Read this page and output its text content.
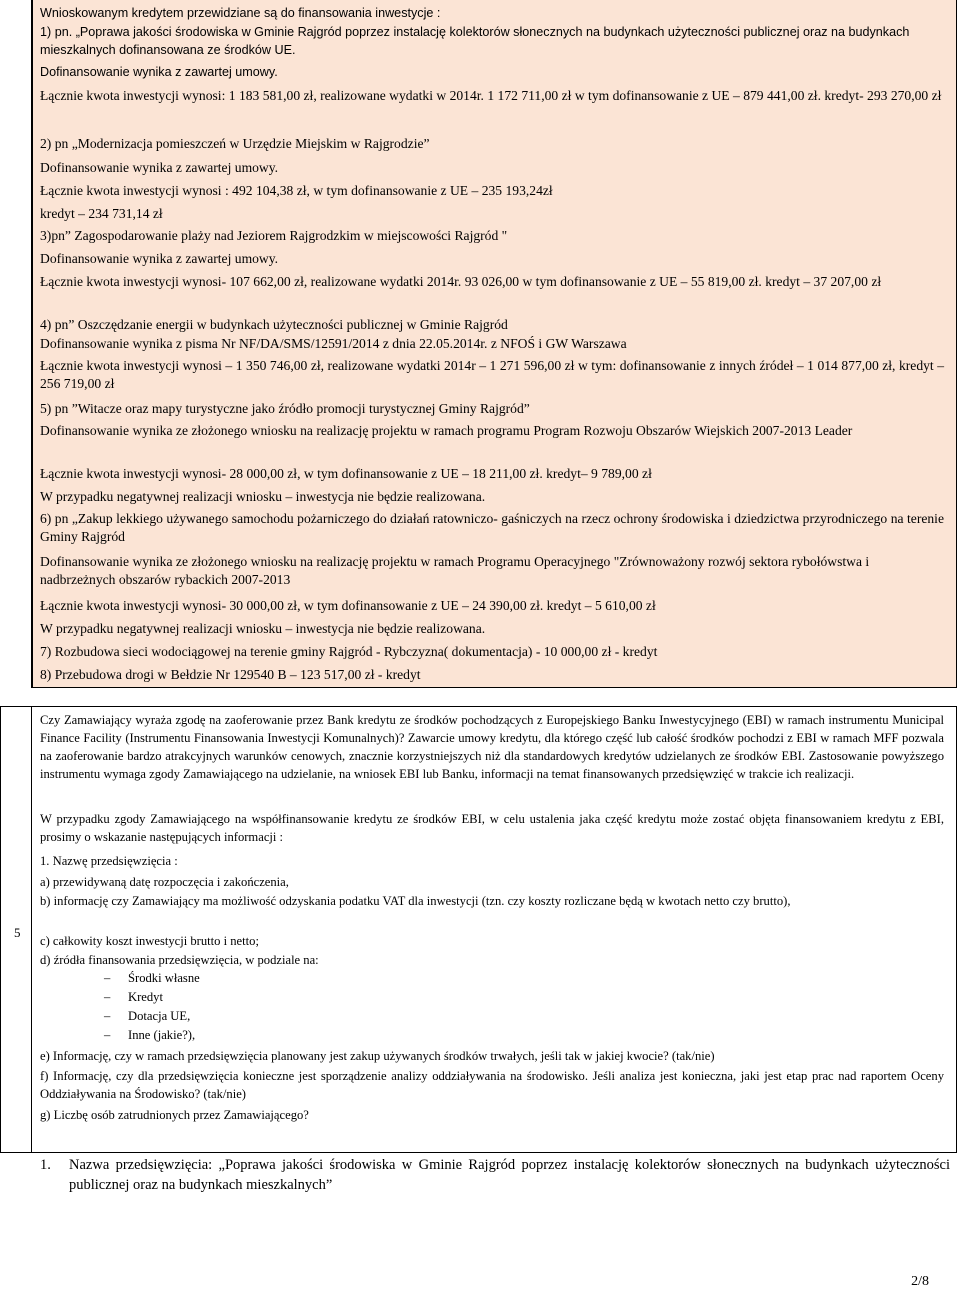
Wnioskowanym kredytem przewidziane są do finansowania inwestycje :

1) pn. „Poprawa jakości środowiska w Gminie Rajgród poprzez instalację kolektorów słonecznych na budynkach użyteczności publicznej oraz na budynkach mieszkalnych dofinansowana ze środków UE.

Dofinansowanie wynika z zawartej umowy.

Łącznie kwota inwestycji wynosi: 1 183 581,00 zł, realizowane wydatki w 2014r. 1 172 711,00 zł w tym dofinansowanie z UE – 879 441,00 zł. kredyt- 293 270,00 zł

2) pn „Modernizacja pomieszczeń w Urzędzie Miejskim w Rajgrodzie”

Dofinansowanie wynika z zawartej umowy.

Łącznie kwota inwestycji wynosi : 492 104,38 zł, w tym dofinansowanie z UE – 235 193,24zł

kredyt – 234 731,14 zł

3)pn” Zagospodarowanie plaży nad Jeziorem Rajgrodzkim w miejscowości Rajgród "

Dofinansowanie wynika z zawartej umowy.

Łącznie kwota inwestycji wynosi- 107 662,00 zł, realizowane wydatki 2014r. 93 026,00 w tym dofinansowanie z UE – 55 819,00 zł. kredyt – 37 207,00 zł

4) pn” Oszczędzanie energii w budynkach użyteczności publicznej w Gminie Rajgród

Dofinansowanie wynika z pisma Nr NF/DA/SMS/12591/2014 z dnia 22.05.2014r. z NFOŚ i GW Warszawa

Łącznie kwota inwestycji wynosi – 1 350 746,00 zł, realizowane wydatki 2014r – 1 271 596,00 zł w tym: dofinansowanie z innych źródeł – 1 014 877,00 zł, kredyt – 256 719,00 zł

5) pn ”Witacze oraz mapy turystyczne jako źródło promocji turystycznej Gminy Rajgród”

Dofinansowanie wynika ze złożonego wniosku na realizację projektu w ramach programu Program Rozwoju Obszarów Wiejskich 2007-2013 Leader

Łącznie kwota inwestycji wynosi- 28 000,00 zł, w tym dofinansowanie z UE – 18 211,00 zł. kredyt– 9 789,00 zł

W przypadku negatywnej realizacji wniosku – inwestycja nie będzie realizowana.

6) pn „Zakup lekkiego używanego samochodu pożarniczego do działań ratowniczo- gaśniczych na rzecz ochrony środowiska i dziedzictwa przyrodniczego na terenie Gminy Rajgród

Dofinansowanie wynika ze złożonego wniosku na realizację projektu w ramach Programu Operacyjnego "Zrównoważony rozwój sektora rybołówstwa i nadbrzeżnych obszarów rybackich 2007-2013

Łącznie kwota inwestycji wynosi- 30 000,00 zł, w tym dofinansowanie z UE – 24 390,00 zł. kredyt – 5 610,00 zł

W przypadku negatywnej realizacji wniosku – inwestycja nie będzie realizowana.

7) Rozbudowa sieci wodociągowej na terenie gminy Rajgród - Rybczyzna( dokumentacja) - 10 000,00 zł - kredyt

8) Przebudowa drogi w Bełdzie Nr 129540 B – 123 517,00 zł - kredyt

5

Czy Zamawiający wyraża zgodę na zaoferowanie przez Bank kredytu ze środków pochodzących z Europejskiego Banku Inwestycyjnego (EBI) w ramach instrumentu Municipal Finance Facility (Instrumentu Finansowania Inwestycji Komunalnych)? Zawarcie umowy kredytu, dla którego część lub całość środków pochodzi z EBI w ramach MFF pozwala na zaoferowanie bardzo atrakcyjnych warunków cenowych, znacznie korzystniejszych niż dla standardowych kredytów udzielanych ze środków EBI. Zastosowanie powyższego instrumentu wymaga zgody Zamawiającego na udzielanie, na wniosek EBI lub Banku, informacji na temat finansowanych przedsięwzięć w trakcie ich realizacji.

W przypadku zgody Zamawiającego na współfinansowanie kredytu ze środków EBI, w celu ustalenia jaka część kredytu może zostać objęta finansowaniem kredytu z EBI, prosimy o wskazanie następujących informacji :

1. Nazwę przedsięwzięcia :

a) przewidywaną datę rozpoczęcia i zakończenia,

b) informację czy Zamawiający ma możliwość odzyskania podatku VAT dla inwestycji (tzn. czy koszty rozliczane będą w kwotach netto czy brutto),

c) całkowity koszt inwestycji brutto i netto;

d) źródła finansowania przedsięwzięcia, w podziale na:

– Środki własne
– Kredyt
– Dotacja UE,
– Inne (jakie?),

e) Informację, czy w ramach przedsięwzięcia planowany jest zakup używanych środków trwałych, jeśli tak w jakiej kwocie? (tak/nie)

f) Informację, czy dla przedsięwzięcia konieczne jest sporządzenie analizy oddziaływania na środowisko. Jeśli analiza jest konieczna, jaki jest etap prac nad raportem Oceny Oddziaływania na Środowisko? (tak/nie)

g) Liczbę osób zatrudnionych przez Zamawiającego?

1. Nazwa przedsięwzięcia: „Poprawa jakości środowiska w Gminie Rajgród poprzez instalację kolektorów słonecznych na budynkach użyteczności publicznej oraz na budynkach mieszkalnych”
2/8
